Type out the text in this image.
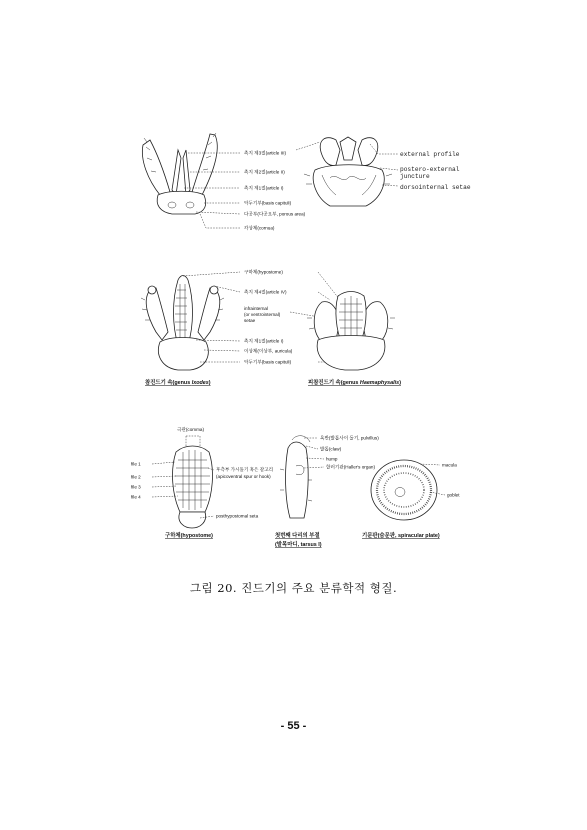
촉지 제3절(article III)
촉지 제2절(article II)
촉지 제1절(article I)
악두기부(basis capituli)
다공부(다공요부, porous area)
각상체(cornua)
external profile
postero-external
juncture
dorsointernal setae
구하체(hypostome)
촉지 제4절(article IV)
infrainternal
(or ventrointernal)
setae
촉지 제1절(article I)
이상체(이상부, auricula)
악두기부(basis capituli)
참진드기 속(genus Ixodes)	피참진드기 속(genus Haemaphysalis)
극관(comma)
file 1
file 2
file 3
file 4
후측부 가시돌기 혹은 갈고리
(apicoventral spur or hook)
posthypostomal seta
구하체(hypostome)
욕반(발톱사이 돌기, pulvillus)
발톱(claw)
hump
할러기관(Haller's organ)
첫번째 다리의 부절
(발목마디, tarsus I)
macula
goblet
기문판(숨문판, spiracular plate)
그림 20. 진드기의 주요 분류학적 형질.
- 55 -
